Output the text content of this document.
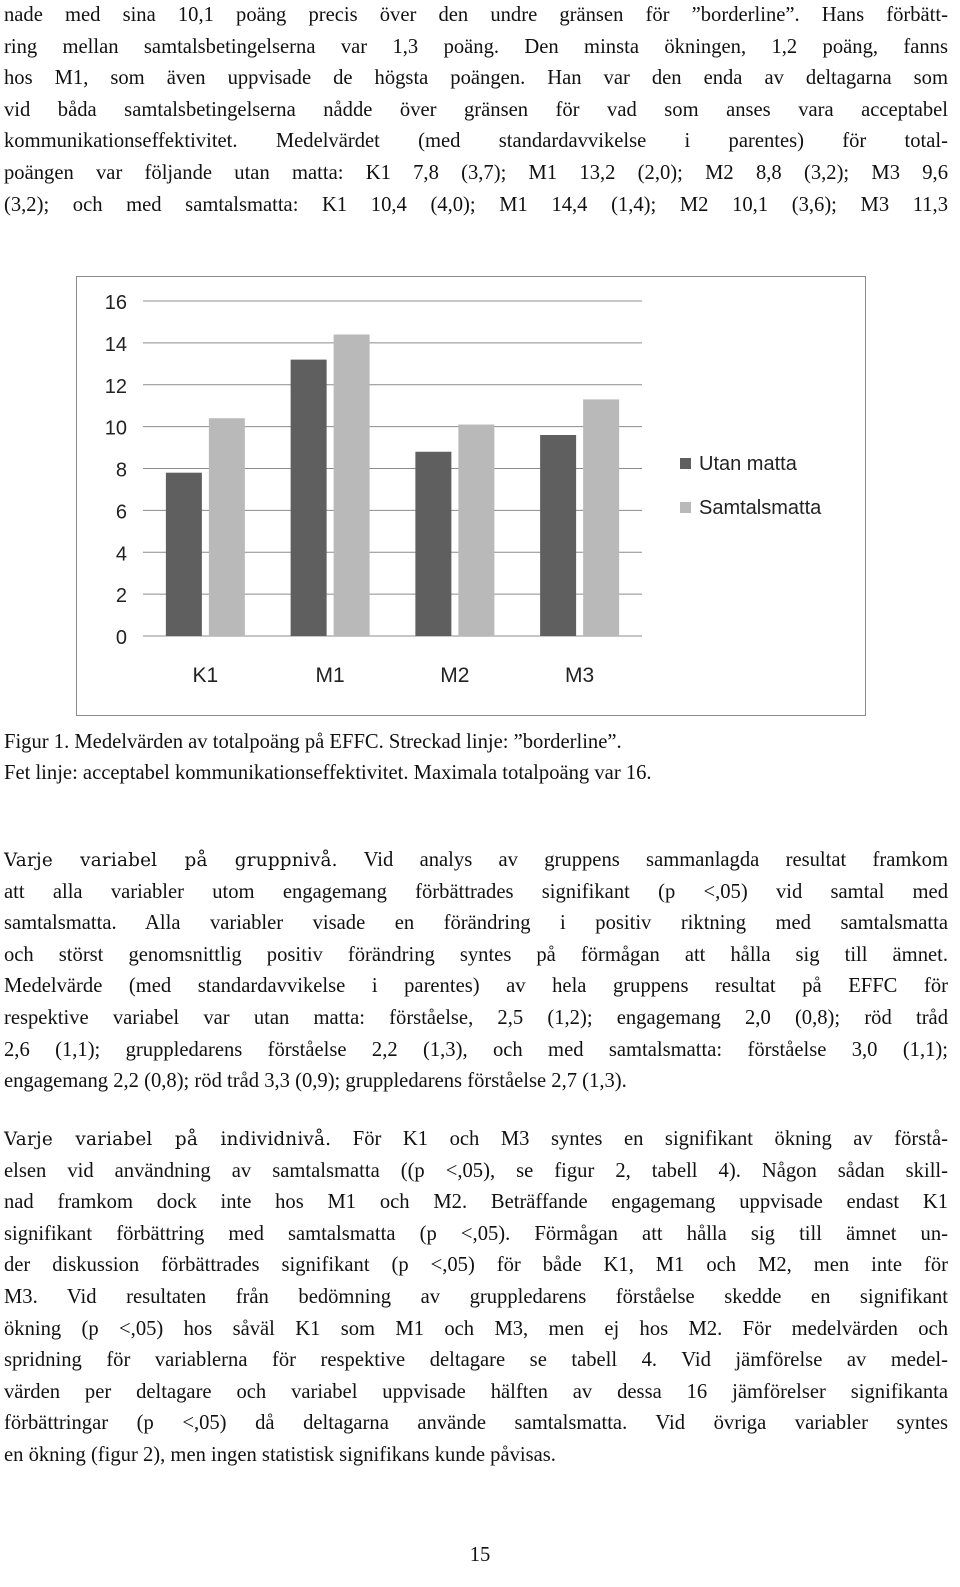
nade med sina 10,1 poäng precis över den undre gränsen för ”borderline”. Hans förbätt-
ring mellan samtalsbetingelserna var 1,3 poäng. Den minsta ökningen, 1,2 poäng, fanns
hos M1, som även uppvisade de högsta poängen. Han var den enda av deltagarna som
vid båda samtalsbetingelserna nådde över gränsen för vad som anses vara acceptabel
kommunikationseffektivitet. Medelvärdet (med standardavvikelse i parentes) för total-
poängen var följande utan matta: K1 7,8 (3,7); M1 13,2 (2,0); M2 8,8 (3,2); M3 9,6
(3,2); och med samtalsmatta: K1 10,4 (4,0); M1 14,4 (1,4); M2 10,1 (3,6); M3 11,3
0
2
4
6
8
10
12
14
16
K1	M1	M2	M3
Utan matta
Samtalsmatta
Figur 1. Medelvärden av totalpoäng på EFFC. Streckad linje: ”borderline”.
Fet linje: acceptabel kommunikationseffektivitet. Maximala totalpoäng var 16.
Varje variabel på gruppnivå. Vid analys av gruppens sammanlagda resultat framkom
att alla variabler utom engagemang förbättrades signifikant (p <,05) vid samtal med
samtalsmatta. Alla variabler visade en förändring i positiv riktning med samtalsmatta
och störst genomsnittlig positiv förändring syntes på förmågan att hålla sig till ämnet.
Medelvärde (med standardavvikelse i parentes) av hela gruppens resultat på EFFC för
respektive variabel var utan matta: förståelse, 2,5 (1,2); engagemang 2,0 (0,8); röd tråd
2,6 (1,1); gruppledarens förståelse 2,2 (1,3), och med samtalsmatta: förståelse 3,0 (1,1);
engagemang 2,2 (0,8); röd tråd 3,3 (0,9); gruppledarens förståelse 2,7 (1,3).
Varje variabel på individnivå. För K1 och M3 syntes en signifikant ökning av förstå-
elsen vid användning av samtalsmatta ((p <,05), se figur 2, tabell 4). Någon sådan skill-
nad framkom dock inte hos M1 och M2. Beträffande engagemang uppvisade endast K1
signifikant förbättring med samtalsmatta (p <,05). Förmågan att hålla sig till ämnet un-
der diskussion förbättrades signifikant (p <,05) för både K1, M1 och M2, men inte för
M3. Vid resultaten från bedömning av gruppledarens förståelse skedde en signifikant
ökning (p <,05) hos såväl K1 som M1 och M3, men ej hos M2. För medelvärden och
spridning för variablerna för respektive deltagare se tabell 4. Vid jämförelse av medel-
värden per deltagare och variabel uppvisade hälften av dessa 16 jämförelser signifikanta
förbättringar (p <,05) då deltagarna använde samtalsmatta. Vid övriga variabler syntes
en ökning (figur 2), men ingen statistisk signifikans kunde påvisas.
15
